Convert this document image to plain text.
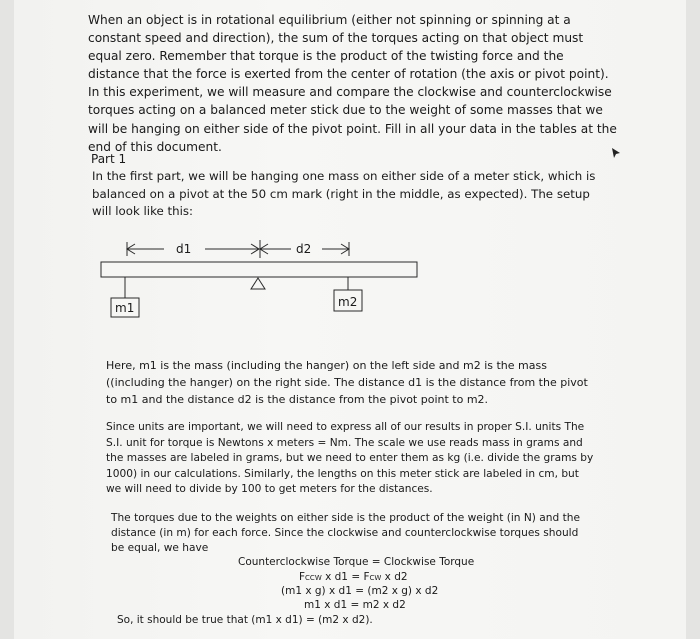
When an object is in rotational equilibrium (either not spinning or spinning at a constant speed and direction), the sum of the torques acting on that object must equal zero. Remember that torque is the product of the twisting force and the distance that the force is exerted from the center of rotation (the axis or pivot point). In this experiment, we will measure and compare the clockwise and counterclockwise torques acting on a balanced meter stick due to the weight of some masses that we will be hanging on either side of the pivot point. Fill in all your data in the tables at the end of this document.

Part 1

In the first part, we will be hanging one mass on either side of a meter stick, which is balanced on a pivot at the 50 cm mark (right in the middle, as expected). The setup will look like this:

d1	d2
m1	m2

Here, m1 is the mass (including the hanger) on the left side and m2 is the mass ((including the hanger) on the right side. The distance d1 is the distance from the pivot to m1 and the distance d2 is the distance from the pivot point to m2.

Since units are important, we will need to express all of our results in proper S.I. units The S.I. unit for torque is Newtons x meters = Nm. The scale we use reads mass in grams and the masses are labeled in grams, but we need to enter them as kg (i.e. divide the grams by 1000) in our calculations. Similarly, the lengths on this meter stick are labeled in cm, but we will need to divide by 100 to get meters for the distances.

The torques due to the weights on either side is the product of the weight (in N) and the distance (in m) for each force. Since the clockwise and counterclockwise torques should be equal, we have

Counterclockwise Torque = Clockwise Torque
FCCW x d1 = FCW x d2
(m1 x g) x d1 = (m2 x g) x d2
m1 x d1 = m2 x d2
So, it should be true that (m1 x d1) = (m2 x d2).
